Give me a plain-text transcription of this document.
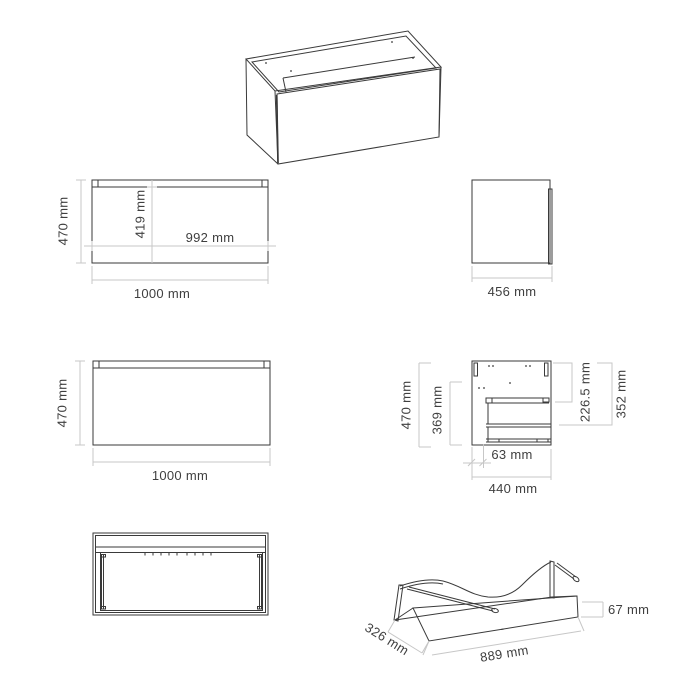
470 mm	419 mm	992 mm
1000 mm	456 mm
470 mm
1000 mm
470 mm 369 mm	226.5 mm 352 mm
63 mm
440 mm
326 mm	889 mm
67 mm
